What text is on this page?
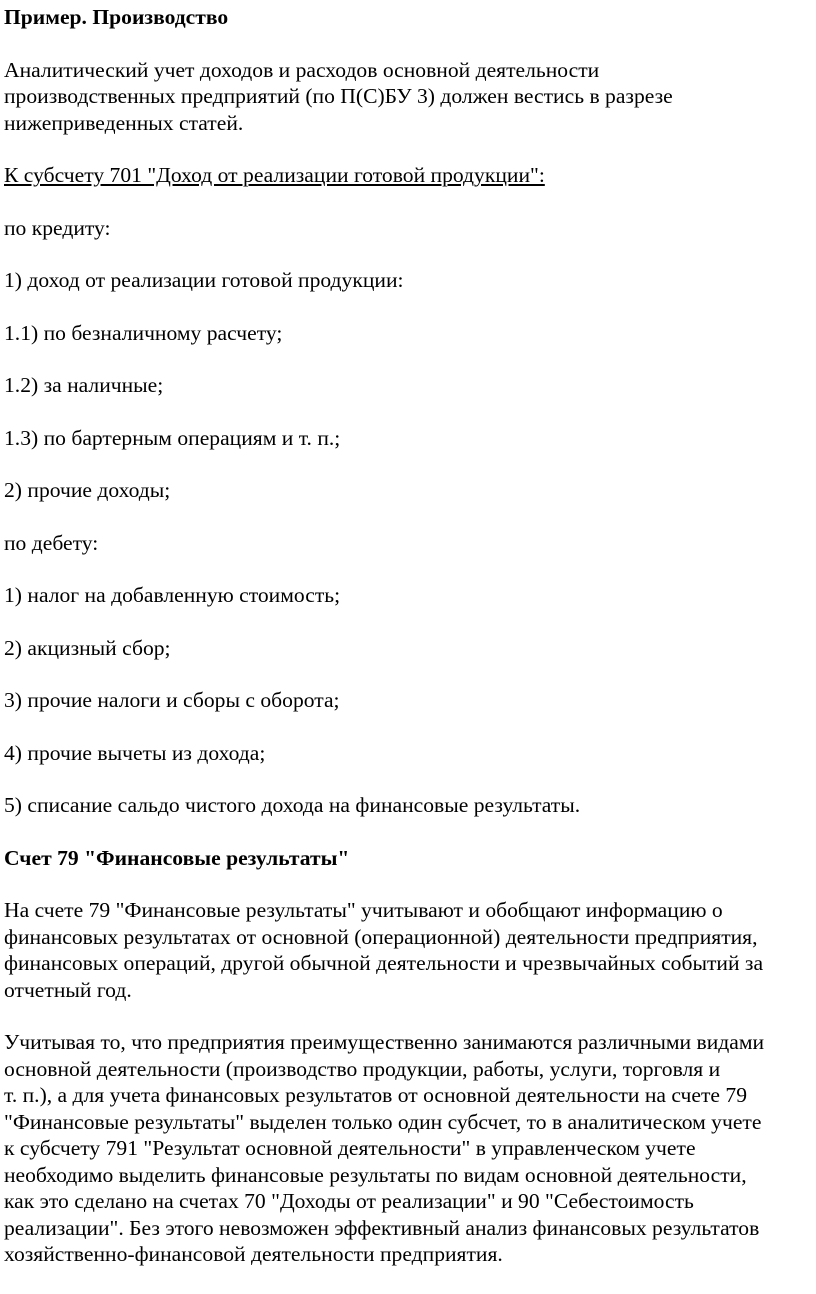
Пример. Производство

Аналитический учет доходов и расходов основной деятельности
производственных предприятий (по П(С)БУ 3) должен вестись в разрезе
нижеприведенных статей.

К субсчету 701 "Доход от реализации готовой продукции":

по кредиту:

1) доход от реализации готовой продукции:

1.1) по безналичному расчету;

1.2) за наличные;

1.3) по бартерным операциям и т. п.;

2) прочие доходы;

по дебету:

1) налог на добавленную стоимость;

2) акцизный сбор;

3) прочие налоги и сборы с оборота;

4) прочие вычеты из дохода;

5) списание сальдо чистого дохода на финансовые результаты.

Счет 79 "Финансовые результаты"

На счете 79 "Финансовые результаты" учитывают и обобщают информацию о
финансовых результатах от основной (операционной) деятельности предприятия,
финансовых операций, другой обычной деятельности и чрезвычайных событий за
отчетный год.

Учитывая то, что предприятия преимущественно занимаются различными видами
основной деятельности (производство продукции, работы, услуги, торговля и
т. п.), а для учета финансовых результатов от основной деятельности на счете 79
"Финансовые результаты" выделен только один субсчет, то в аналитическом учете
к субсчету 791 "Результат основной деятельности" в управленческом учете
необходимо выделить финансовые результаты по видам основной деятельности,
как это сделано на счетах 70 "Доходы от реализации" и 90 "Себестоимость
реализации". Без этого невозможен эффективный анализ финансовых результатов
хозяйственно-финансовой деятельности предприятия.
